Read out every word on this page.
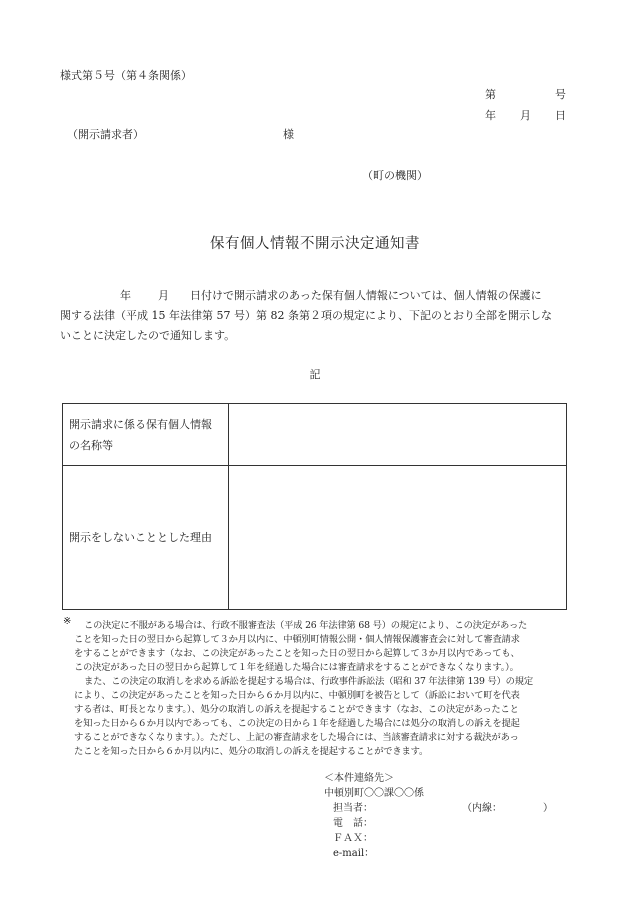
様式第５号（第４条関係）
第	号
年 月 日
（開示請求者）	様
（町の機関）
保有個人情報不開示決定通知書
年 月 日付けで開示請求のあった保有個人情報については、個人情報の保護に
関する法律（平成 15 年法律第 57 号）第 82 条第２項の規定により、下記のとおり全部を開示しな
いことに決定したので通知します。
記
開示請求に係る保有個人情報
の名称等	

開示をしないこととした理由	
※ この決定に不服がある場合は、行政不服審査法（平成 26 年法律第 68 号）の規定により、この決定があった
ことを知った日の翌日から起算して３か月以内に、中頓別町情報公開・個人情報保護審査会に対して審査請求
をすることができます（なお、この決定があったことを知った日の翌日から起算して３か月以内であっても、
この決定があった日の翌日から起算して１年を経過した場合には審査請求をすることができなくなります。）。
また、この決定の取消しを求める訴訟を提起する場合は、行政事件訴訟法（昭和 37 年法律第 139 号）の規定
により、この決定があったことを知った日から６か月以内に、中頓別町を被告として（訴訟において町を代表
する者は、町長となります。）、処分の取消しの訴えを提起することができます（なお、この決定があったこと
を知った日から６か月以内であっても、この決定の日から１年を経過した場合には処分の取消しの訴えを提起
することができなくなります。）。ただし、上記の審査請求をした場合には、当該審査請求に対する裁決があっ
たことを知った日から６か月以内に、処分の取消しの訴えを提起することができます。
＜本件連絡先＞
中頓別町〇〇課〇〇係
担当者：	（内線：	）
電　話：
ＦＡＸ：
e-mail：
